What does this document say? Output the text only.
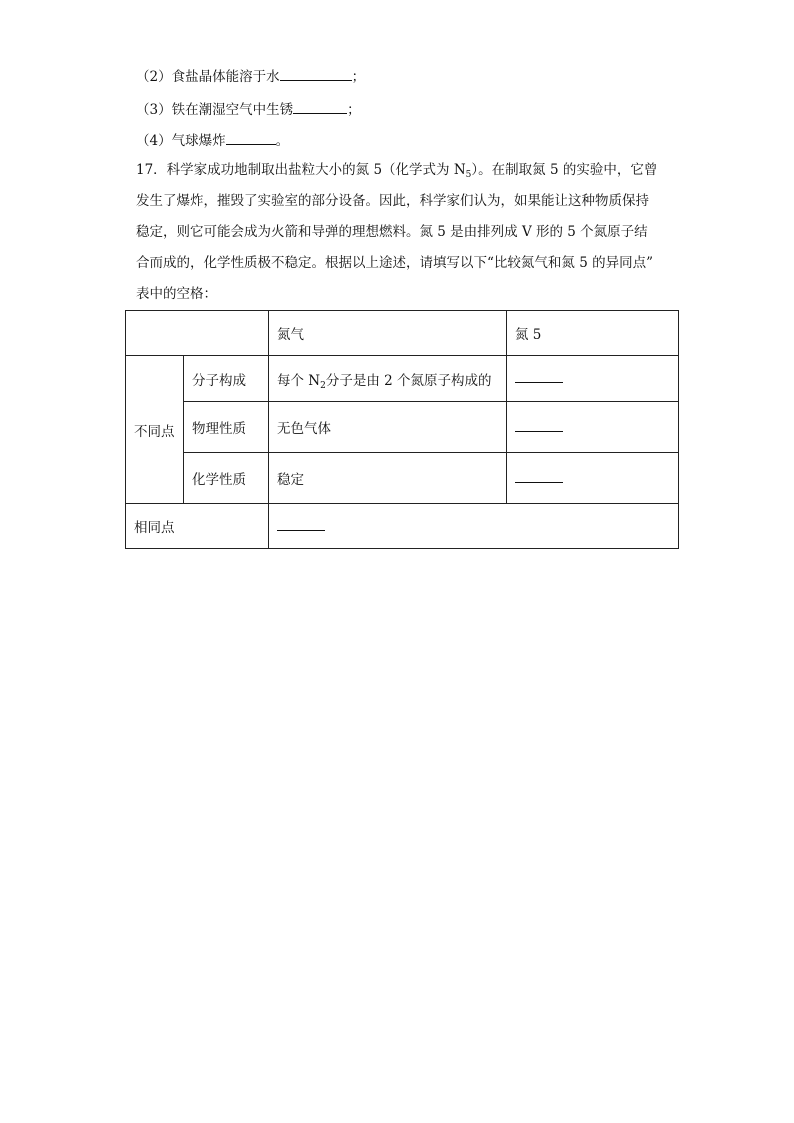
（2）食盐晶体能溶于水	；
（3）铁在潮湿空气中生锈	；
（4）气球爆炸	。
17．科学家成功地制取出盐粒大小的氮 5（化学式为 $N_5$）。在制取氮 5 的实验中，它曾
发生了爆炸，摧毁了实验室的部分设备。因此，科学家们认为，如果能让这种物质保持
稳定，则它可能会成为火箭和导弹的理想燃料。氮 5 是由排列成 V 形的 5 个氮原子结
合而成的，化学性质极不稳定。根据以上途述，请填写以下“比较氮气和氮 5 的异同点”
表中的空格：
		氮气	氮 5
不同点	分子构成	每个 $N_2$分子是由 2 个氮原子构成的	
	物理性质	无色气体	
	化学性质	稳定	
相同点			
